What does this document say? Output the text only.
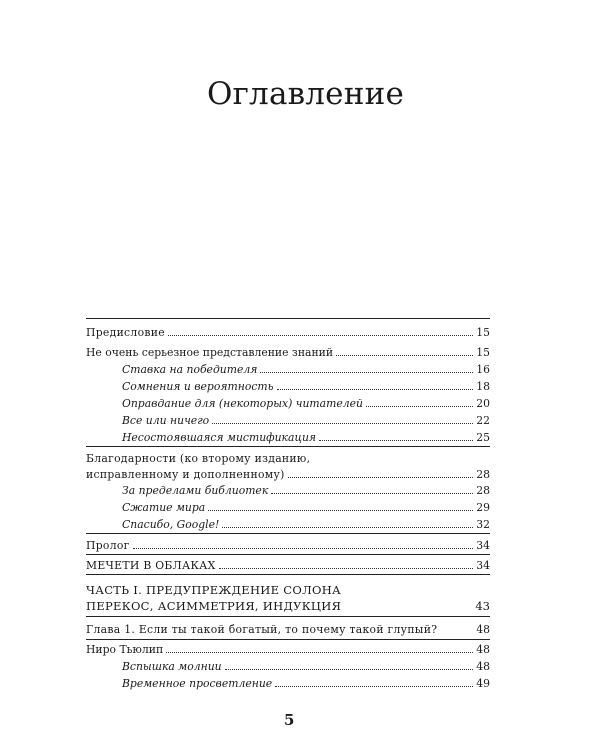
Оглавление
Предисловие	15
Не очень серьезное представление знаний	15
Ставка на победителя	16
Сомнения и вероятность	18
Оправдание для (некоторых) читателей	20
Все или ничего	22
Несостоявшаяся мистификация	25
Благодарности (ко второму изданию,
исправленному и дополненному)	28
За пределами библиотек	28
Сжатие мира	29
Спасибо, Google!	32
Пролог	34
МЕЧЕТИ В ОБЛАКАХ	34
ЧАСТЬ I. ПРЕДУПРЕЖДЕНИЕ СОЛОНА
ПЕРЕКОС, АСИММЕТРИЯ, ИНДУКЦИЯ	43
Глава 1. Если ты такой богатый, то почему такой глупый?	48
Ниро Тьюлип	48
Вспышка молнии	48
Временное просветление	49
5
